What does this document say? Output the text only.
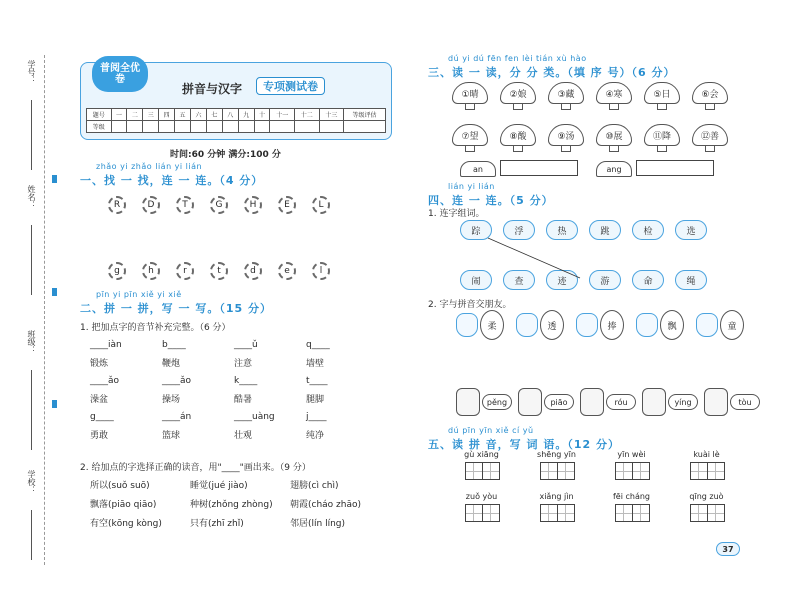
学号：
姓名：
班级：
学校：
普阅全优卷
拼音与汉字 专项测试卷
题号	一	二	三	四	五	六	七	八	九	十	十一	十二	十三	等级评估
等级														
时间:60 分钟 满分:100 分
zhǎo yi zhǎo lián yi lián
一、找 一 找，连 一 连。（4 分）
R	D	T	G	H	E	L
g	h	r	t	d	e	l
pīn yi pīn xiě yi xiě
二、拼 一 拼，写 一 写。（15 分）
1. 把加点字的音节补充完整。（6 分）
____iàn	b____	____ǔ	q____
锻炼	鞭炮	注意	墙壁
____ǎo	____ǎo	k____	t____
澡盆	操场	酷暑	腿脚
g____	____án	____uàng	j____
勇敢	篮球	壮观	纯净
2. 给加点的字选择正确的读音，用"____"画出来。（9 分）
所以(suǒ suō)	睡觉(jué jiào)	翅膀(cì chì)
飘落(piāo qiāo)	种树(zhǒng zhòng)	朝霞(cháo zhāo)
有空(kōng kòng)	只有(zhī zhǐ)	邻居(lín líng)
dú yi dú fēn fen lèi tián xù hào
三、读 一 读，分 分 类。（填 序 号）（6 分）
①晴	②娘	③藏	④寒	⑤日	⑥会
⑦望	⑧酸	⑨汤	⑩展	⑪降	⑫善
an	ang
lián yi lián
四、连 一 连。（5 分）
1. 连字组词。
踪	浮	热	跳	检	选
闹	查	迹	游	命	绳
2. 字与拼音交朋友。
柔	透	捧	飘	童
pěng	piāo	róu	yíng	tòu
dú pīn yīn xiě cí yǔ
五、读 拼 音，写 词 语。（12 分）
gù xiāng	shēng yīn	yīn wèi	kuài lè
zuǒ yòu	xiǎng jìn	fēi cháng	qīng zuò
37
